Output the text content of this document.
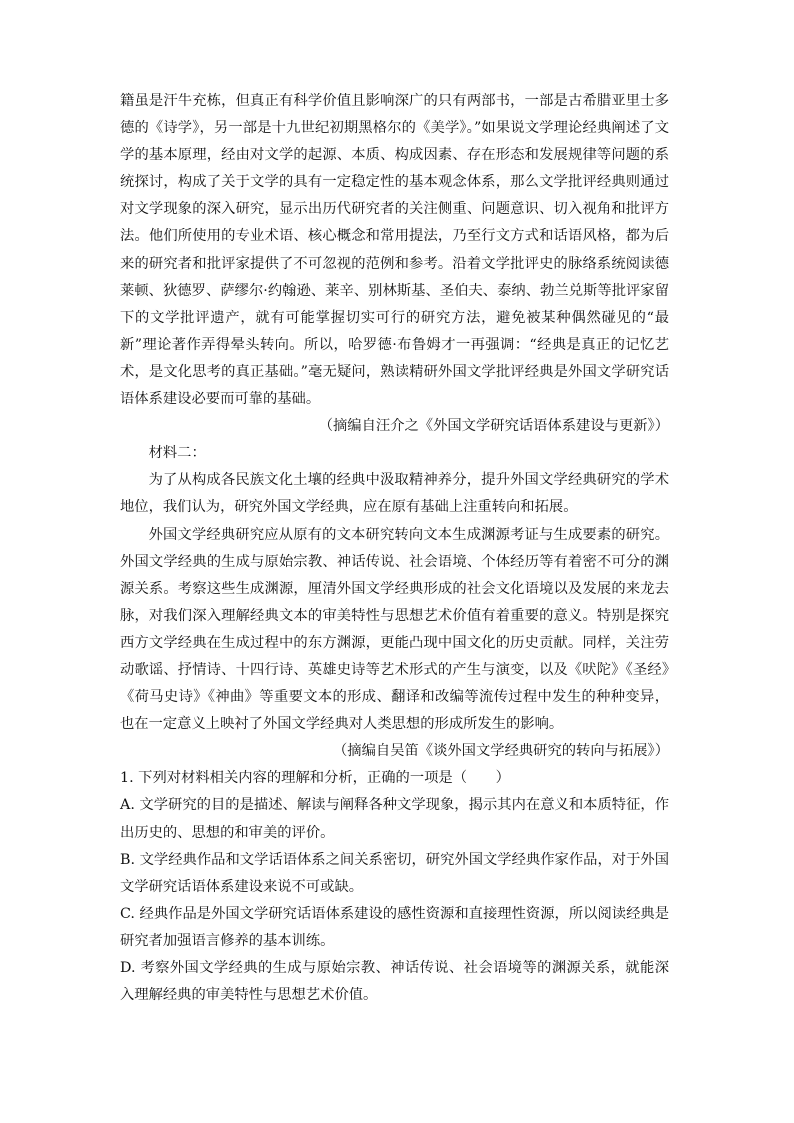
籍虽是汗牛充栋，但真正有科学价值且影响深广的只有两部书，一部是古希腊亚里士多德的《诗学》，另一部是十九世纪初期黑格尔的《美学》。”如果说文学理论经典阐述了文学的基本原理，经由对文学的起源、本质、构成因素、存在形态和发展规律等问题的系统探讨，构成了关于文学的具有一定稳定性的基本观念体系，那么文学批评经典则通过对文学现象的深入研究，显示出历代研究者的关注侧重、问题意识、切入视角和批评方法。他们所使用的专业术语、核心概念和常用提法，乃至行文方式和话语风格，都为后来的研究者和批评家提供了不可忽视的范例和参考。沿着文学批评史的脉络系统阅读德莱顿、狄德罗、萨缪尔·约翰逊、莱辛、别林斯基、圣伯夫、泰纳、勃兰兑斯等批评家留下的文学批评遗产，就有可能掌握切实可行的研究方法，避免被某种偶然碰见的“最新”理论著作弄得晕头转向。所以，哈罗德·布鲁姆才一再强调：“经典是真正的记忆艺术，是文化思考的真正基础。”毫无疑问，熟读精研外国文学批评经典是外国文学研究话语体系建设必要而可靠的基础。

（摘编自汪介之《外国文学研究话语体系建设与更新》）

材料二：

为了从构成各民族文化土壤的经典中汲取精神养分，提升外国文学经典研究的学术地位，我们认为，研究外国文学经典，应在原有基础上注重转向和拓展。

外国文学经典研究应从原有的文本研究转向文本生成渊源考证与生成要素的研究。外国文学经典的生成与原始宗教、神话传说、社会语境、个体经历等有着密不可分的渊源关系。考察这些生成渊源，厘清外国文学经典形成的社会文化语境以及发展的来龙去脉，对我们深入理解经典文本的审美特性与思想艺术价值有着重要的意义。特别是探究西方文学经典在生成过程中的东方渊源，更能凸现中国文化的历史贡献。同样，关注劳动歌谣、抒情诗、十四行诗、英雄史诗等艺术形式的产生与演变，以及《吠陀》《圣经》《荷马史诗》《神曲》等重要文本的形成、翻译和改编等流传过程中发生的种种变异，也在一定意义上映衬了外国文学经典对人类思想的形成所发生的影响。

（摘编自吴笛《谈外国文学经典研究的转向与拓展》）

1. 下列对材料相关内容的理解和分析，正确的一项是（　　）

A. 文学研究的目的是描述、解读与阐释各种文学现象，揭示其内在意义和本质特征，作出历史的、思想的和审美的评价。

B. 文学经典作品和文学话语体系之间关系密切，研究外国文学经典作家作品，对于外国文学研究话语体系建设来说不可或缺。

C. 经典作品是外国文学研究话语体系建设的感性资源和直接理性资源，所以阅读经典是研究者加强语言修养的基本训练。

D. 考察外国文学经典的生成与原始宗教、神话传说、社会语境等的渊源关系，就能深入理解经典的审美特性与思想艺术价值。
